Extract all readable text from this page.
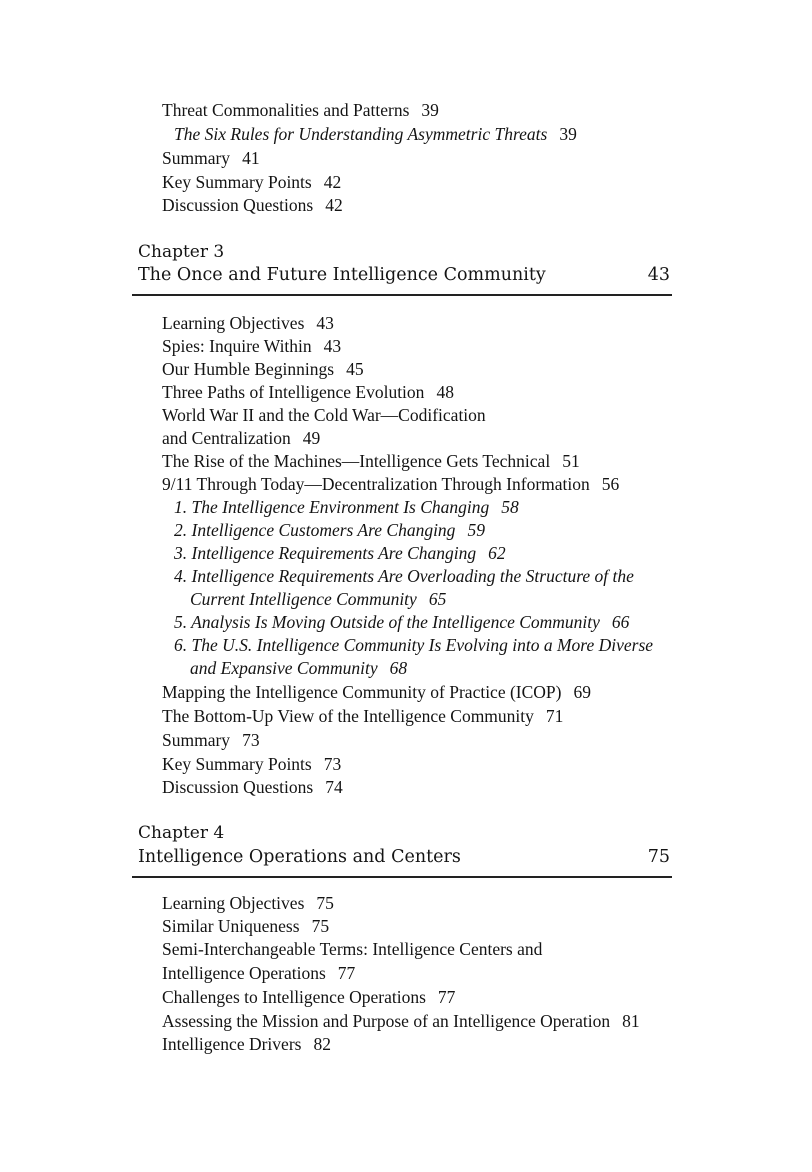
Threat Commonalities and Patterns 39
The Six Rules for Understanding Asymmetric Threats 39
Summary 41
Key Summary Points 42
Discussion Questions 42
Chapter 3
The Once and Future Intelligence Community	43
Learning Objectives 43
Spies: Inquire Within 43
Our Humble Beginnings 45
Three Paths of Intelligence Evolution 48
World War II and the Cold War—Codification
and Centralization 49
The Rise of the Machines—Intelligence Gets Technical 51
9/11 Through Today—Decentralization Through Information 56
1. The Intelligence Environment Is Changing 58
2. Intelligence Customers Are Changing 59
3. Intelligence Requirements Are Changing 62
4. Intelligence Requirements Are Overloading the Structure of the
Current Intelligence Community 65
5. Analysis Is Moving Outside of the Intelligence Community 66
6. The U.S. Intelligence Community Is Evolving into a More Diverse
and Expansive Community 68
Mapping the Intelligence Community of Practice (ICOP) 69
The Bottom-Up View of the Intelligence Community 71
Summary 73
Key Summary Points 73
Discussion Questions 74
Chapter 4
Intelligence Operations and Centers	75
Learning Objectives 75
Similar Uniqueness 75
Semi-Interchangeable Terms: Intelligence Centers and
Intelligence Operations 77
Challenges to Intelligence Operations 77
Assessing the Mission and Purpose of an Intelligence Operation 81
Intelligence Drivers 82
